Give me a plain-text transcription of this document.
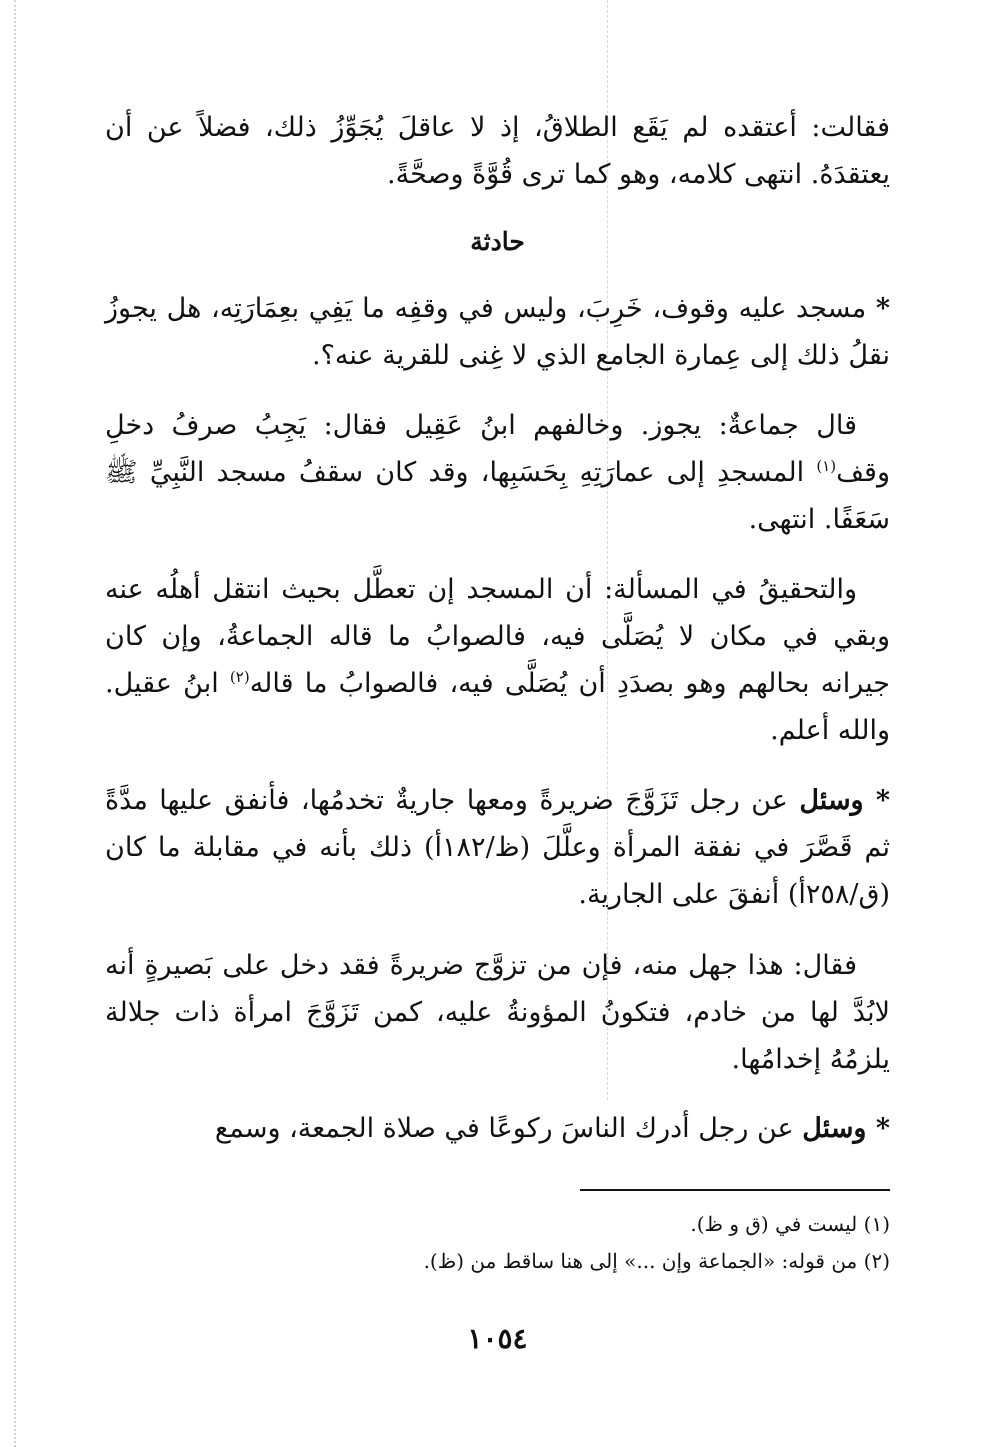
فقالت: أعتقده لم يَقَع الطلاقُ، إذ لا عاقلَ يُجَوِّزُ ذلك، فضلاً عن أن يعتقدَهُ. انتهى كلامه، وهو كما ترى قُوَّةً وصحَّةً.
حادثة
* مسجد عليه وقوف، خَرِبَ، وليس في وقفِه ما يَفِي بعِمَارَتِه، هل يجوزُ نقلُ ذلك إلى عِمارة الجامع الذي لا غِنى للقرية عنه؟.
قال جماعةٌ: يجوز. وخالفهم ابنُ عَقِيل فقال: يَجِبُ صرفُ دخلِ وقف$^{(١)}$ المسجدِ إلى عمارَتِهِ بِحَسَبِها، وقد كان سقفُ مسجد النَّبِيِّ ﷺ سَعَفًا. انتهى.
والتحقيقُ في المسألة: أن المسجد إن تعطَّل بحيث انتقل أهلُه عنه وبقي في مكان لا يُصَلَّى فيه، فالصوابُ ما قاله الجماعةُ، وإن كان جيرانه بحالهم وهو بصدَدِ أن يُصَلَّى فيه، فالصوابُ ما قاله$^{(٢)}$ ابنُ عقيل. والله أعلم.
* وسئل عن رجل تَزَوَّجَ ضريرةً ومعها جاريةٌ تخدمُها، فأنفق عليها مدَّةً ثم قَصَّرَ في نفقة المرأة وعلَّلَ (ظ/١٨٢أ) ذلك بأنه في مقابلة ما كان (ق/٢٥٨أ) أنفقَ على الجارية.
فقال: هذا جهل منه، فإن من تزوَّج ضريرةً فقد دخل على بَصيرةٍ أنه لابُدَّ لها من خادم، فتكونُ المؤونةُ عليه، كمن تَزَوَّجَ امرأة ذات جلالة يلزمُهُ إخدامُها.
* وسئل عن رجل أدرك الناسَ ركوعًا في صلاة الجمعة، وسمع
(١) ليست في (ق و ظ).
(٢) من قوله: «الجماعة وإن ...» إلى هنا ساقط من (ظ).
١٠٥٤
